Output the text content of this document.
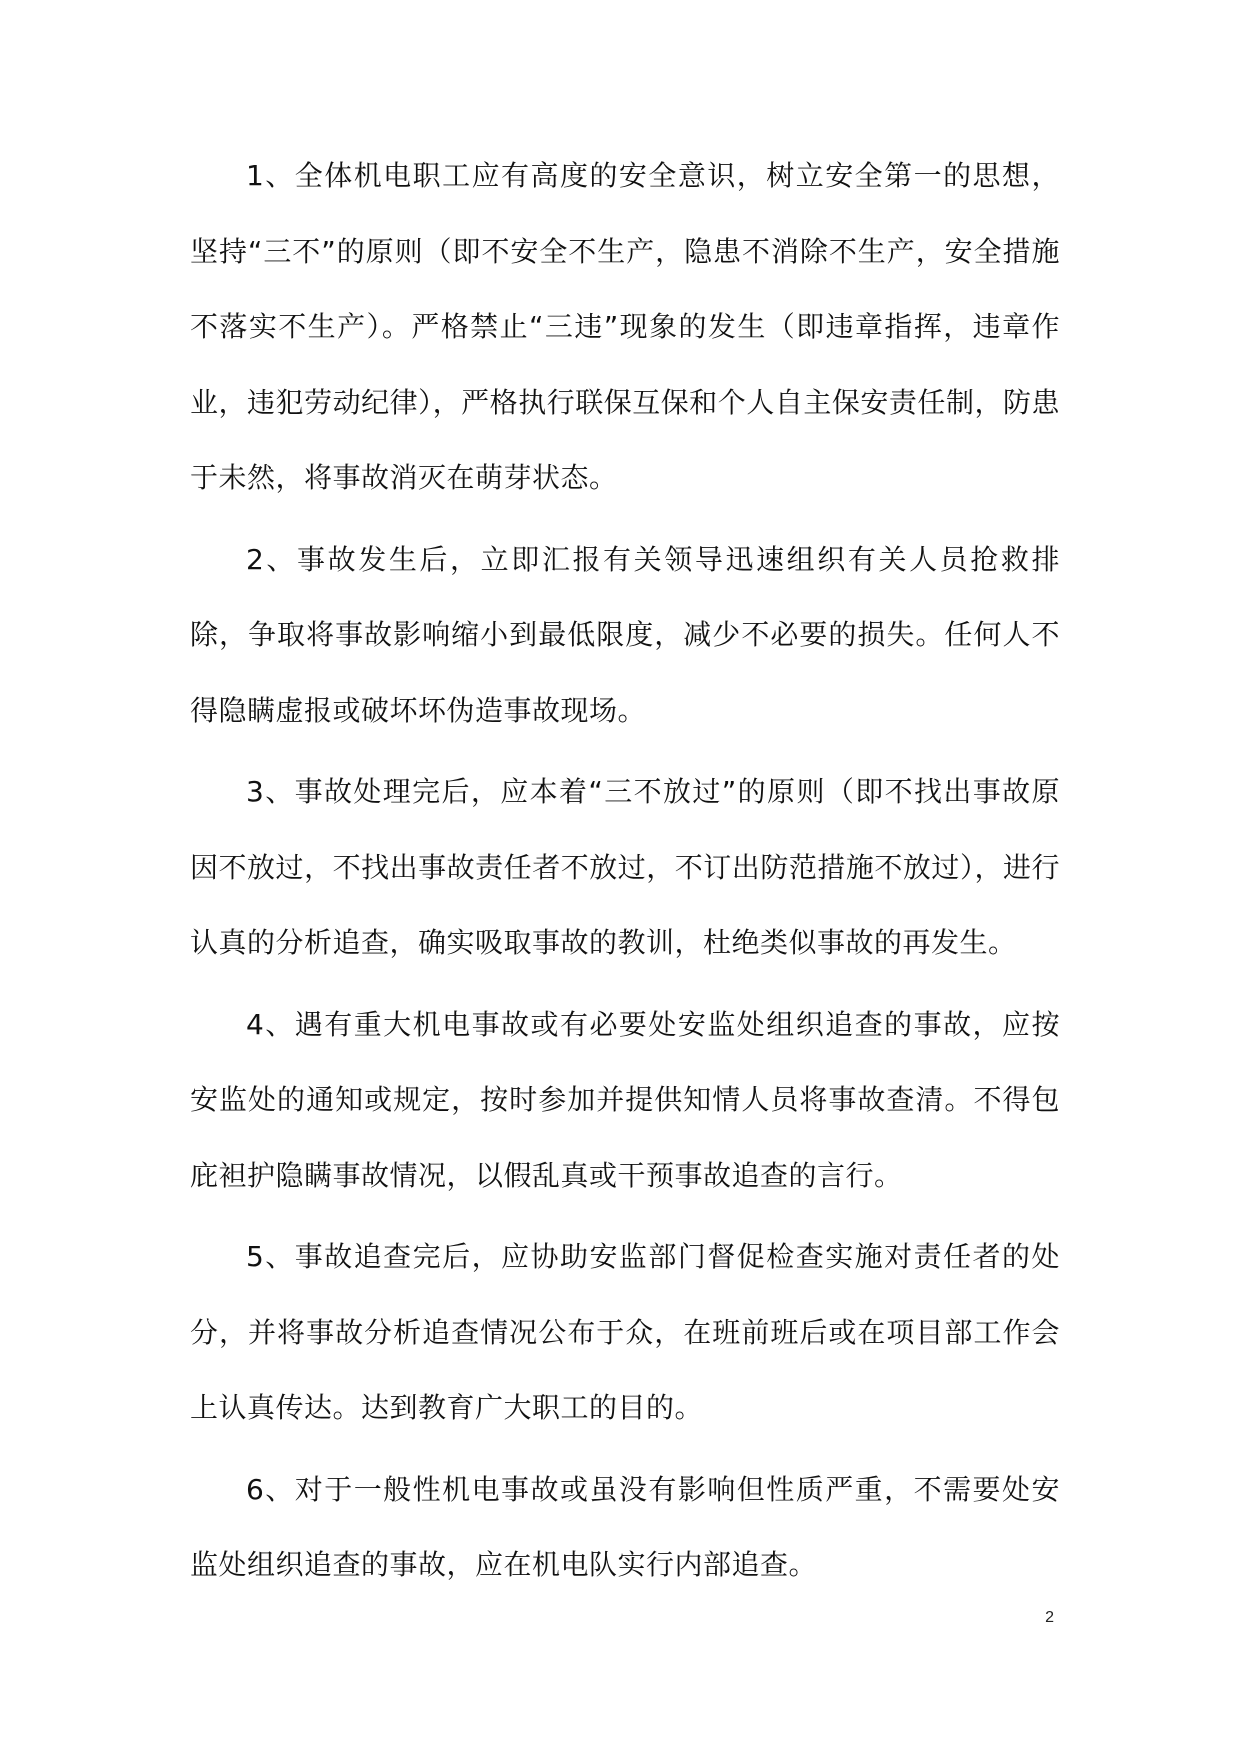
1、全体机电职工应有高度的安全意识，树立安全第一的思想，坚持“三不”的原则（即不安全不生产，隐患不消除不生产，安全措施不落实不生产）。严格禁止“三违”现象的发生（即违章指挥，违章作业，违犯劳动纪律），严格执行联保互保和个人自主保安责任制，防患于未然，将事故消灭在萌芽状态。

2、事故发生后，立即汇报有关领导迅速组织有关人员抢救排除，争取将事故影响缩小到最低限度，减少不必要的损失。任何人不得隐瞒虚报或破坏坏伪造事故现场。

3、事故处理完后，应本着“三不放过”的原则（即不找出事故原因不放过，不找出事故责任者不放过，不订出防范措施不放过），进行认真的分析追查，确实吸取事故的教训，杜绝类似事故的再发生。

4、遇有重大机电事故或有必要处安监处组织追查的事故，应按安监处的通知或规定，按时参加并提供知情人员将事故查清。不得包庇袒护隐瞒事故情况，以假乱真或干预事故追查的言行。

5、事故追查完后，应协助安监部门督促检查实施对责任者的处分，并将事故分析追查情况公布于众，在班前班后或在项目部工作会上认真传达。达到教育广大职工的目的。

6、对于一般性机电事故或虽没有影响但性质严重，不需要处安监处组织追查的事故，应在机电队实行内部追查。

2
